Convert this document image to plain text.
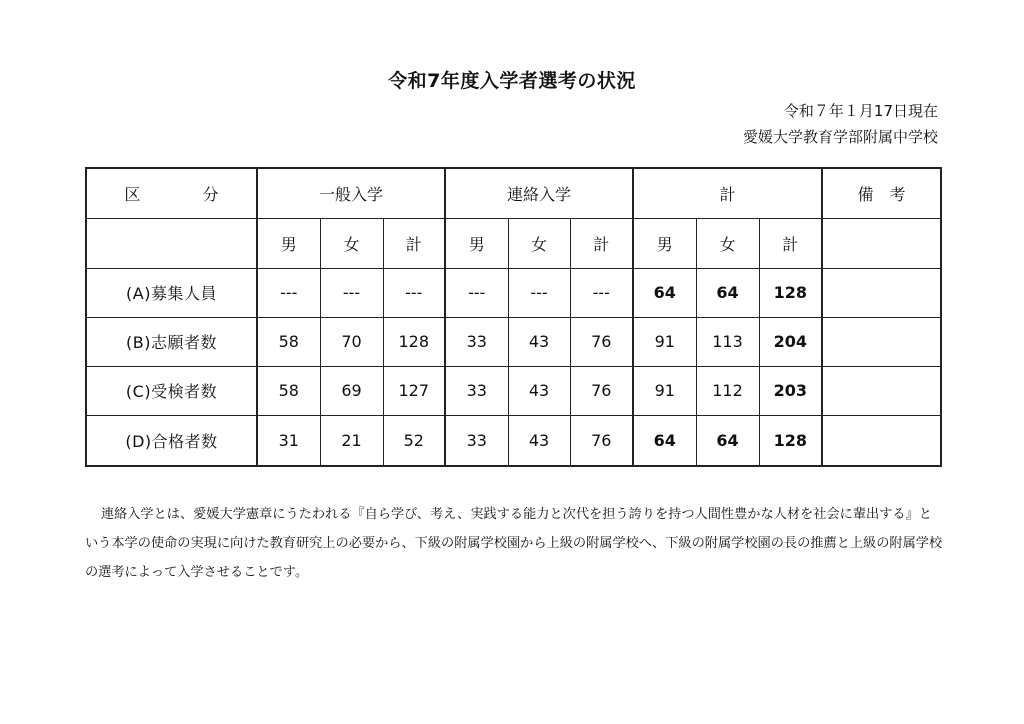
令和7年度入学者選考の状況
令和７年１月17日現在
愛媛大学教育学部附属中学校
区 分	一般入学			連絡入学			計			備　考
	男	女	計	男	女	計	男	女	計	
(A)募集人員	---	---	---	---	---	---	64	64	128	
(B)志願者数	58	70	128	33	43	76	91	113	204	
(C)受検者数	58	69	127	33	43	76	91	112	203	
(D)合格者数	31	21	52	33	43	76	64	64	128	

連絡入学とは、愛媛大学憲章にうたわれる『自ら学び、考え、実践する能力と次代を担う誇りを持つ人間性豊かな人材を社会に輩出する』という本学の使命の実現に向けた教育研究上の必要から、下級の附属学校園から上級の附属学校へ、下級の附属学校園の長の推薦と上級の附属学校の選考によって入学させることです。
